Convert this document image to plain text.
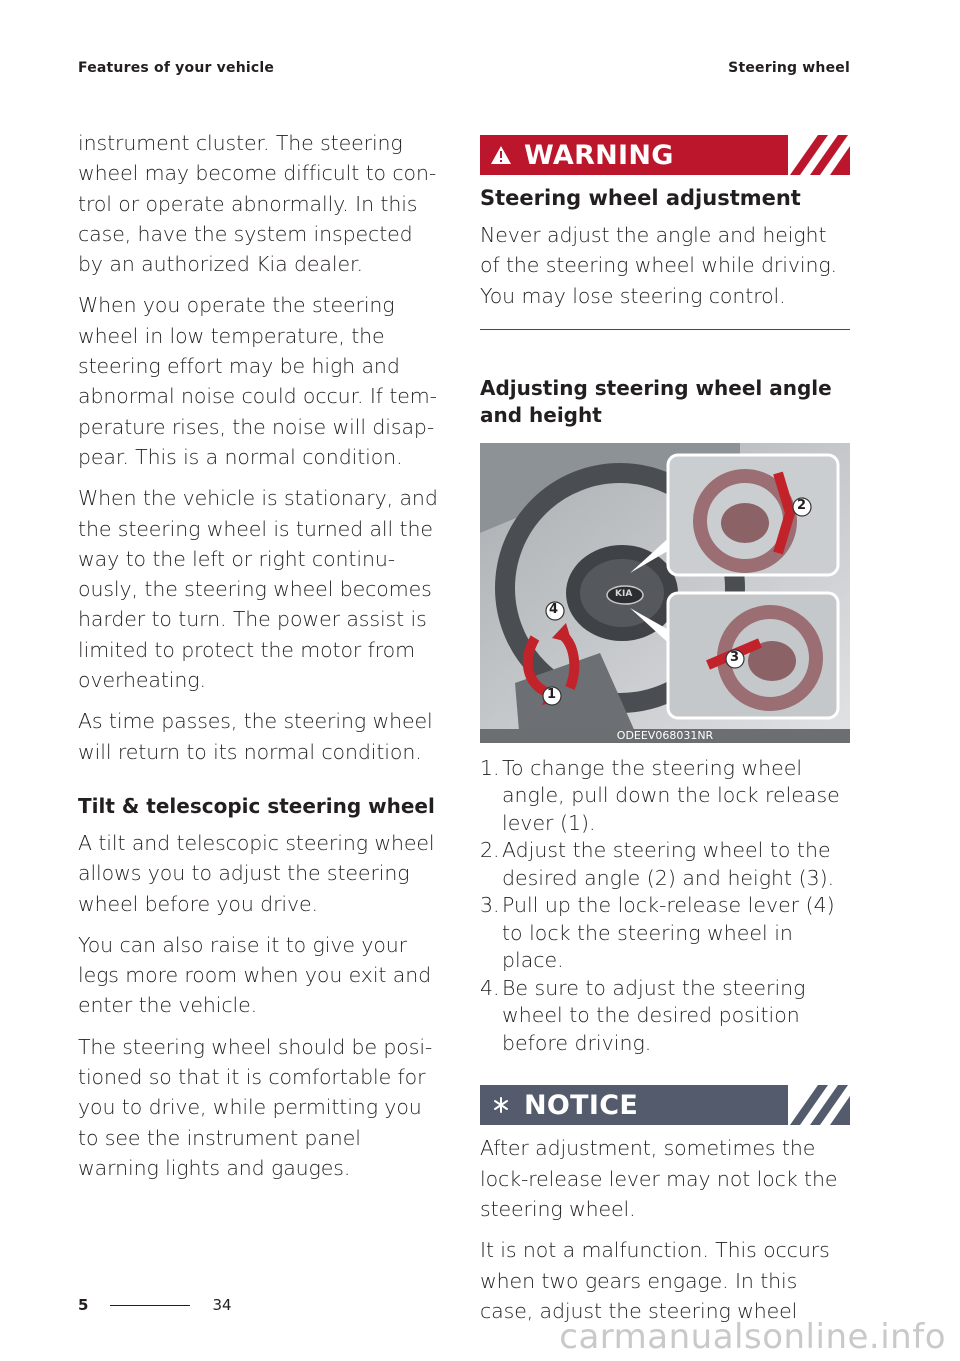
Features of your vehicle	Steering wheel

instrument cluster. The steering wheel may become difficult to con- trol or operate abnormally. In this case, have the system inspected by an authorized Kia dealer.

When you operate the steering wheel in low temperature, the steering effort may be high and abnormal noise could occur. If tem- perature rises, the noise will disap- pear. This is a normal condition.

When the vehicle is stationary, and the steering wheel is turned all the way to the left or right continu- ously, the steering wheel becomes harder to turn. The power assist is limited to protect the motor from overheating.

As time passes, the steering wheel will return to its normal condition.

Tilt & telescopic steering wheel

A tilt and telescopic steering wheel allows you to adjust the steering wheel before you drive.

You can also raise it to give your legs more room when you exit and enter the vehicle.

The steering wheel should be posi- tioned so that it is comfortable for you to drive, while permitting you to see the instrument panel warning lights and gauges.

WARNING
Steering wheel adjustment

Never adjust the angle and height of the steering wheel while driving. You may lose steering control.

Adjusting steering wheel angle and height
4
1
2
3
KIA
ODEEV068031NR
1. To change the steering wheel angle, pull down the lock release lever (1).
2. Adjust the steering wheel to the desired angle (2) and height (3).
3. Pull up the lock-release lever (4) to lock the steering wheel in place.
4. Be sure to adjust the steering wheel to the desired position before driving.
NOTICE

After adjustment, sometimes the lock-release lever may not lock the steering wheel.

It is not a malfunction. This occurs when two gears engage. In this case, adjust the steering wheel

5	34
carmanualsonline.info
